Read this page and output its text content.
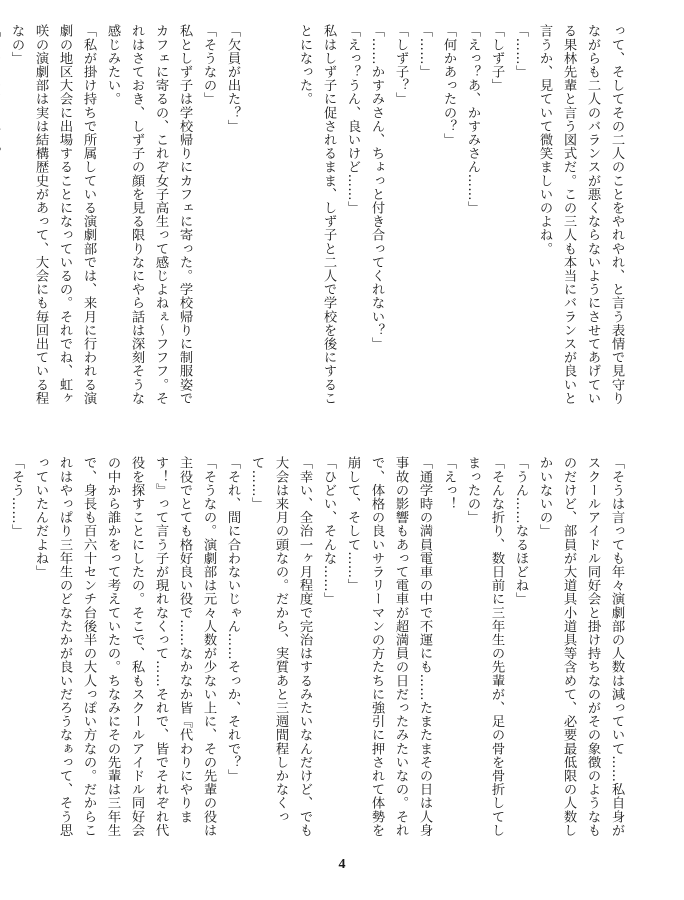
って、そしてその二人のことをやれやれ、と言う表情で見守りながらも二人のバランスが悪くならないようにさせてあげている果林先輩と言う図式だ。この三人も本当にバランスが良いと言うか、見ていて微笑ましいのよね。

「……」

「しず子」

「えっ？あ、かすみさん……」

「何かあったの？」

「……」

「しず子？」

「……かすみさん、ちょっと付き合ってくれない？」

「えっ？うん、良いけど……」

私はしず子に促されるまま、しず子と二人で学校を後にすることになった。

「欠員が出た？」

「そうなの」

私としず子は学校帰りにカフェに寄った。学校帰りに制服姿でカフェに寄るの、これぞ女子高生って感じよねぇ～フフフ。それはさておき、しず子の顔を見る限りなにやら話は深刻そうな感じみたい。

「私が掛け持ちで所属している演劇部では、来月に行われる演劇の地区大会に出場することになっているの。それでね、虹ヶ咲の演劇部は実は結構歴史があって、大会にも毎回出ている程なの」

「そうは言っても年々演劇部の人数は減っていて……私自身がスクールアイドル同好会と掛け持ちなのがその象徴のようなものだけど、部員が大道具小道具等含めて、必要最低限の人数しかいないの」

「うん……なるほどね」

「そんな折り、数日前に三年生の先輩が、足の骨を骨折してしまったの」

「えっ！

「通学時の満員電車の中で不運にも……たまたまその日は人身事故の影響もあって電車が超満員の日だったみたいなの。それで、体格の良いサラリーマンの方たちに強引に押されて体勢を崩して、そして……」

「ひどい、そんな……」

「幸い、全治一ヶ月程度で完治はするみたいなんだけど、でも大会は来月の頭なの。だから、実質あと三週間程しかなくって……」

「それ、間に合わないじゃん……そっか、それで？」

「そうなの。演劇部は元々人数が少ない上に、その先輩の役は主役でとても格好良い役で……なかなか皆『代わりにやります！』って言う子が現れなくって……それで、皆でそれぞれ代役を探すことにしたの。そこで、私もスクールアイドル同好会の中から誰かをって考えていたの。ちなみにその先輩は三年生で、身長も百六十センチ台後半の大人っぽい方なの。だからこれはやっぱり三年生のどなたかが良いだろうなぁって、そう思っていたんだよね」

「そう……」

4
